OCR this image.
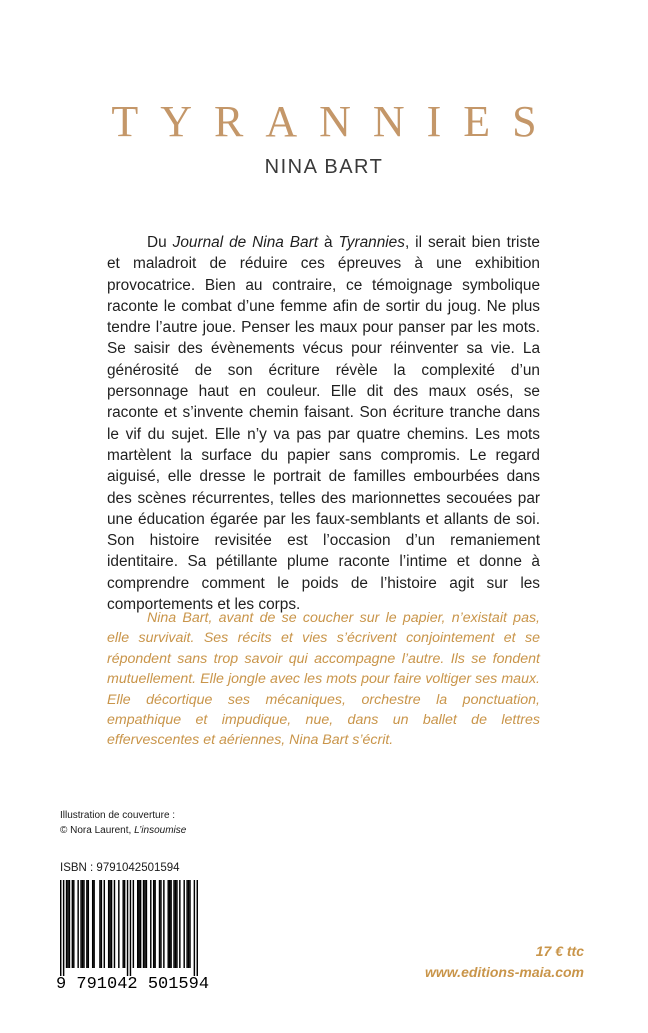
TYRANNIES
NINA BART

Du Journal de Nina Bart à Tyrannies, il serait bien triste et maladroit de réduire ces épreuves à une exhibition provocatrice. Bien au contraire, ce témoignage symbolique raconte le combat d’une femme afin de sortir du joug. Ne plus tendre l’autre joue. Penser les maux pour panser par les mots. Se saisir des évènements vécus pour réinventer sa vie. La générosité de son écriture révèle la complexité d’un personnage haut en couleur. Elle dit des maux osés, se raconte et s’invente chemin faisant. Son écriture tranche dans le vif du sujet. Elle n’y va pas par quatre chemins. Les mots martèlent la surface du papier sans compromis. Le regard aiguisé, elle dresse le portrait de familles embourbées dans des scènes récurrentes, telles des marionnettes secouées par une éducation égarée par les faux-semblants et allants de soi. Son histoire revisitée est l’occasion d’un remaniement identitaire. Sa pétillante plume raconte l’intime et donne à comprendre comment le poids de l’histoire agit sur les comportements et les corps.

Nina Bart, avant de se coucher sur le papier, n’existait pas, elle survivait. Ses récits et vies s’écrivent conjointement et se répondent sans trop savoir qui accompagne l’autre. Ils se fondent mutuellement. Elle jongle avec les mots pour faire voltiger ses maux. Elle décortique ses mécaniques, orchestre la ponctuation, empathique et impudique, nue, dans un ballet de lettres effervescentes et aériennes, Nina Bart s’écrit.

Illustration de couverture :
© Nora Laurent, L’insoumise
ISBN : 9791042501594
9 791042 501594
17 € ttc
www.editions-maia.com
